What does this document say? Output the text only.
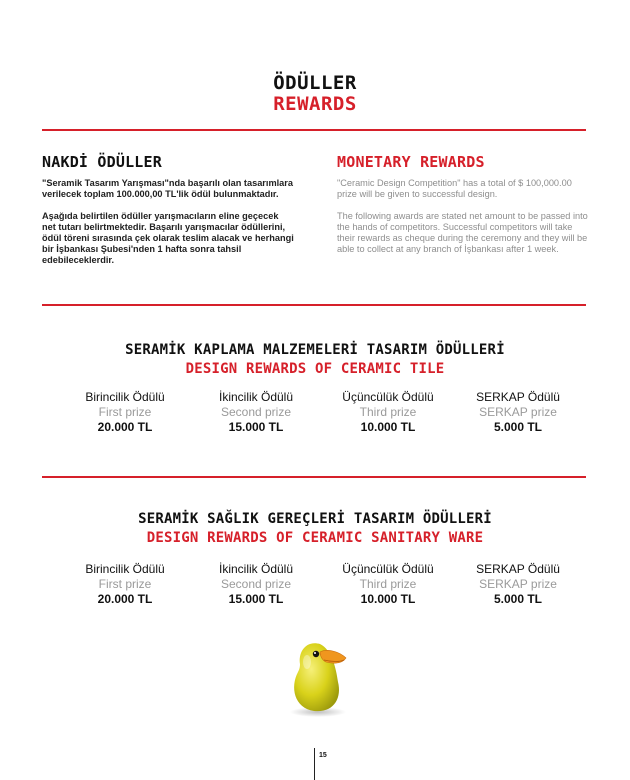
ÖDÜLLER
REWARDS
NAKDİ ÖDÜLLER

"Seramik Tasarım Yarışması"nda başarılı olan tasarımlara verilecek toplam 100.000,00 TL'lik ödül bulunmaktadır.

Aşağıda belirtilen ödüller yarışmacıların eline geçecek net tutarı belirtmektedir. Başarılı yarışmacılar ödüllerini, ödül töreni sırasında çek olarak teslim alacak ve herhangi bir İşbankası Şubesi'nden 1 hafta sonra tahsil edebileceklerdir.

MONETARY REWARDS

"Ceramic Design Competition" has a total of $ 100,000.00 prize will be given to successful design.

The following awards are stated net amount to be passed into the hands of competitors. Successful competitors will take their rewards as cheque during the ceremony and they will be able to collect at any branch of İşbankası after 1 week.

SERAMİK KAPLAMA MALZEMELERİ TASARIM ÖDÜLLERİ
DESIGN REWARDS OF CERAMIC TILE
Birincilik Ödülü
First prize
20.000 TL
İkincilik Ödülü
Second prize
15.000 TL
Üçüncülük Ödülü
Third prize
10.000 TL
SERKAP Ödülü
SERKAP prize
5.000 TL
SERAMİK SAĞLIK GEREÇLERİ TASARIM ÖDÜLLERİ
DESIGN REWARDS OF CERAMIC SANITARY WARE
Birincilik Ödülü
First prize
20.000 TL
İkincilik Ödülü
Second prize
15.000 TL
Üçüncülük Ödülü
Third prize
10.000 TL
SERKAP Ödülü
SERKAP prize
5.000 TL
15
